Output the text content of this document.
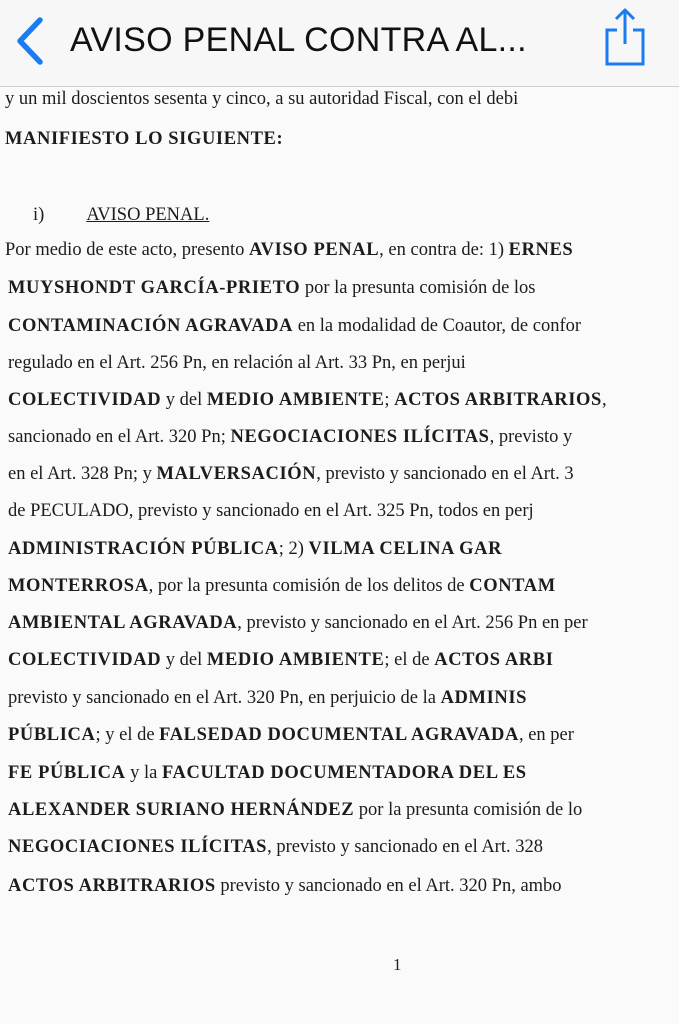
AVISO PENAL CONTRA AL...
1
y un mil doscientos sesenta y cinco, a su autoridad Fiscal, con el debi
MANIFIESTO LO SIGUIENTE:
i) AVISO PENAL.
Por medio de este acto, presento AVISO PENAL, en contra de: 1) ERNES
MUYSHONDT GARCÍA-PRIETO por la presunta comisión de los
CONTAMINACIÓN AGRAVADA en la modalidad de Coautor, de confor
regulado en el Art. 256 Pn, en relación al Art. 33 Pn, en perjui
COLECTIVIDAD y del MEDIO AMBIENTE; ACTOS ARBITRARIOS,
sancionado en el Art. 320 Pn; NEGOCIACIONES ILÍCITAS, previsto y
en el Art. 328 Pn; y MALVERSACIÓN, previsto y sancionado en el Art. 3
de PECULADO, previsto y sancionado en el Art. 325 Pn, todos en perj
ADMINISTRACIÓN PÚBLICA; 2) VILMA CELINA GAR
MONTERROSA, por la presunta comisión de los delitos de CONTAM
AMBIENTAL AGRAVADA, previsto y sancionado en el Art. 256 Pn en per
COLECTIVIDAD y del MEDIO AMBIENTE; el de ACTOS ARBI
previsto y sancionado en el Art. 320 Pn, en perjuicio de la ADMINIS
PÚBLICA; y el de FALSEDAD DOCUMENTAL AGRAVADA, en per
FE PÚBLICA y la FACULTAD DOCUMENTADORA DEL ES
ALEXANDER SURIANO HERNÁNDEZ por la presunta comisión de lo
NEGOCIACIONES ILÍCITAS, previsto y sancionado en el Art. 328
ACTOS ARBITRARIOS previsto y sancionado en el Art. 320 Pn, ambo
